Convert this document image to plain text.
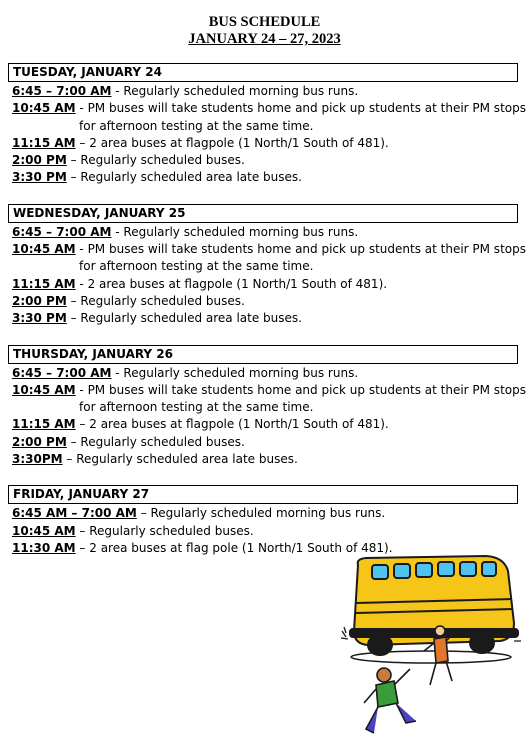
BUS SCHEDULE
JANUARY 24 – 27, 2023
TUESDAY, JANUARY 24
6:45 – 7:00 AM - Regularly scheduled morning bus runs.
10:45 AM - PM buses will take students home and pick up students at their PM stops
for afternoon testing at the same time.
11:15 AM – 2 area buses at flagpole (1 North/1 South of 481).
2:00 PM – Regularly scheduled buses.
3:30 PM – Regularly scheduled area late buses.
WEDNESDAY, JANUARY 25
6:45 – 7:00 AM - Regularly scheduled morning bus runs.
10:45 AM - PM buses will take students home and pick up students at their PM stops
for afternoon testing at the same time.
11:15 AM - 2 area buses at flagpole (1 North/1 South of 481).
2:00 PM – Regularly scheduled buses.
3:30 PM – Regularly scheduled area late buses.
THURSDAY, JANUARY 26
6:45 – 7:00 AM - Regularly scheduled morning bus runs.
10:45 AM - PM buses will take students home and pick up students at their PM stops
for afternoon testing at the same time.
11:15 AM – 2 area buses at flagpole (1 North/1 South of 481).
2:00 PM – Regularly scheduled buses.
3:30PM – Regularly scheduled area late buses.
FRIDAY, JANUARY 27
6:45 AM – 7:00 AM – Regularly scheduled morning bus runs.
10:45 AM – Regularly scheduled buses.
11:30 AM – 2 area buses at flag pole (1 North/1 South of 481).
